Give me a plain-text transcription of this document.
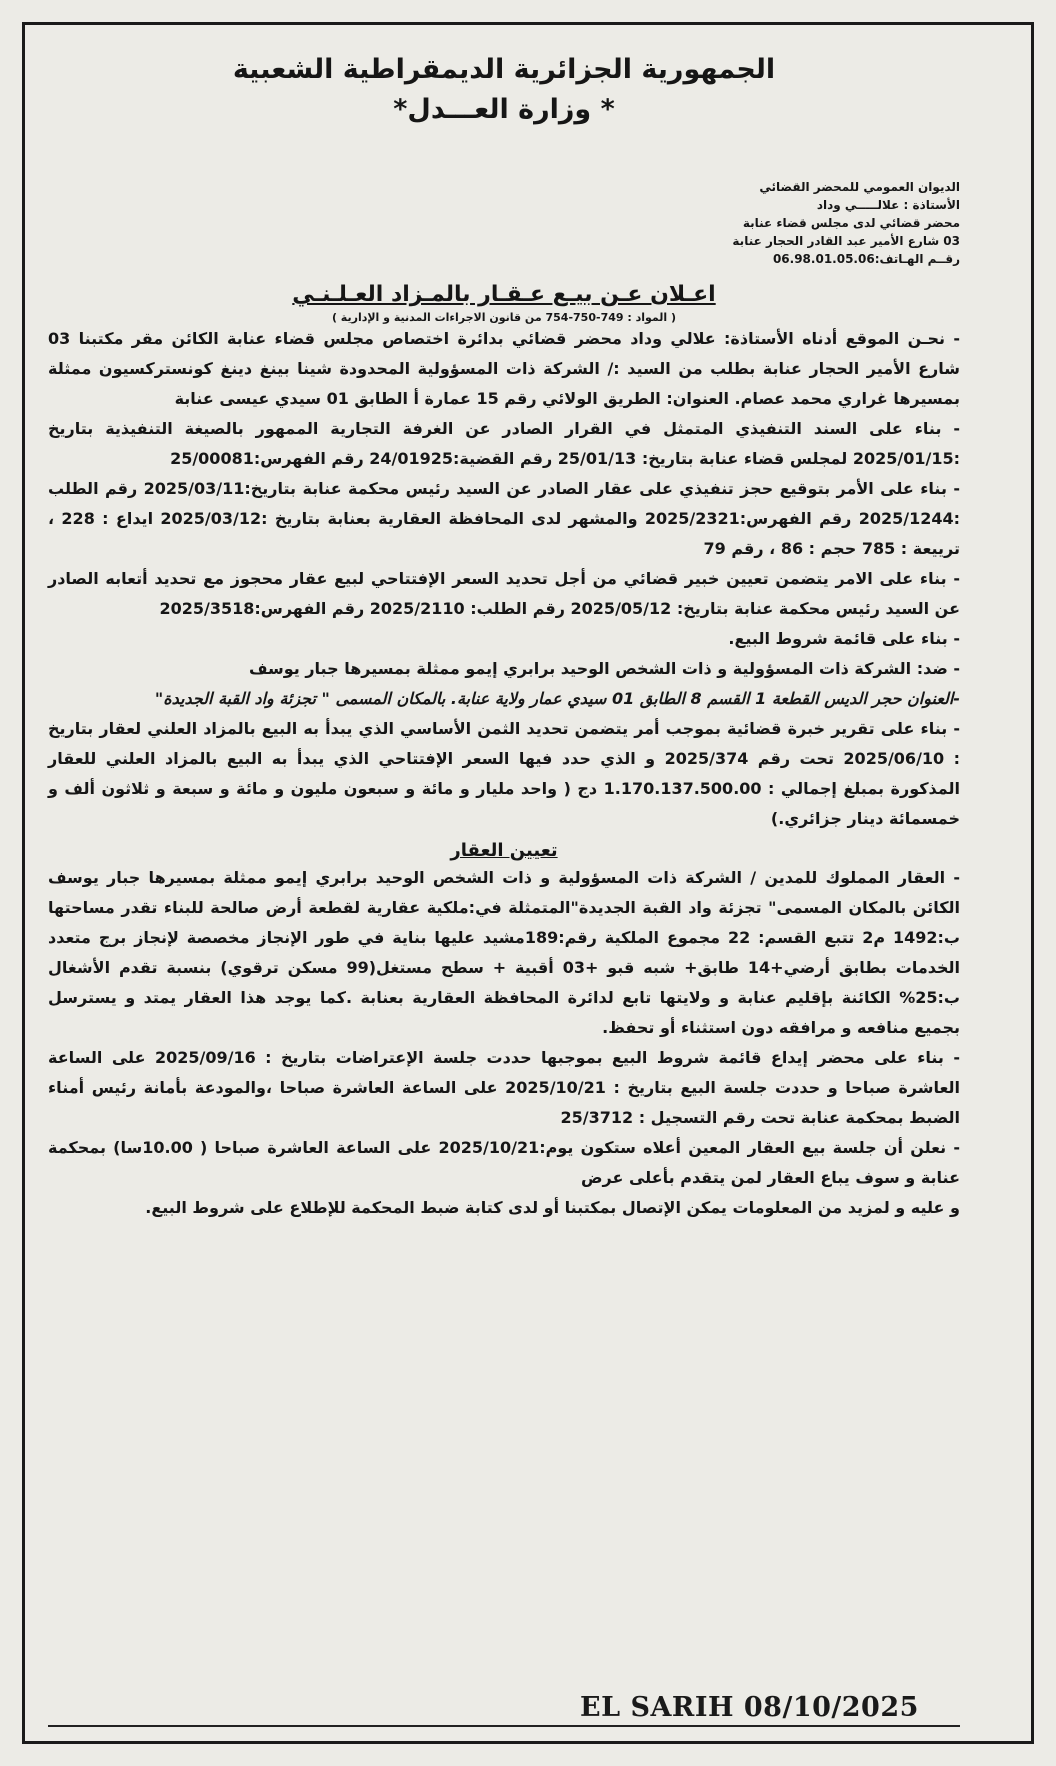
الجمهورية الجزائرية الديمقراطية الشعبية
* وزارة العـــدل*
الديوان العمومي للمحضر القضائي
الأستاذة : علالـــــي وداد
محضر قضائي لدى مجلس قضاء عنابة
03 شارع الأمير عبد القادر الحجار عنابة
رقــم الهـاتف:06.98.01.05.06
اعـلان عـن بيـع عـقـار بالمـزاد العـلـنـي
( المواد : 749-750-754 من قانون الاجراءات المدنية و الإدارية )

- نحـن الموقع أدناه الأستاذة: علالي وداد محضر قضائي بدائرة اختصاص مجلس قضاء عنابة الكائن مقر مكتبنا 03 شارع الأمير الحجار عنابة بطلب من السيد :/ الشركة ذات المسؤولية المحدودة شينا بينغ دينغ كونستركسيون ممثلة بمسيرها غراري محمد عصام. العنوان: الطريق الولائي رقم 15 عمارة أ الطابق 01 سيدي عيسى عنابة

- بناء على السند التنفيذي المتمثل في القرار الصادر عن الغرفة التجارية الممهور بالصيغة التنفيذية بتاريخ :2025/01/15 لمجلس قضاء عنابة بتاريخ: 25/01/13 رقم القضية:24/01925 رقم الفهرس:25/00081

- بناء على الأمر بتوقيع حجز تنفيذي على عقار الصادر عن السيد رئيس محكمة عنابة بتاريخ:2025/03/11 رقم الطلب :2025/1244 رقم الفهرس:2025/2321 والمشهر لدى المحافظة العقارية بعنابة بتاريخ :2025/03/12 ايداع : 228 ، ترييعة : 785 حجم : 86 ، رقم 79

- بناء على الامر يتضمن تعيين خبير قضائي من أجل تحديد السعر الإفتتاحي لبيع عقار محجوز مع تحديد أتعابه الصادر عن السيد رئيس محكمة عنابة بتاريخ: 2025/05/12 رقم الطلب: 2025/2110 رقم الفهرس:2025/3518

- بناء على قائمة شروط البيع.

- ضد: الشركة ذات المسؤولية و ذات الشخص الوحيد برابري إيمو ممثلة بمسيرها جبار يوسف

-العنوان حجر الديس القطعة 1 القسم 8 الطابق 01 سيدي عمار ولاية عنابة. بالمكان المسمى " تجزئة واد القبة الجديدة"

- بناء على تقرير خبرة قضائية بموجب أمر يتضمن تحديد الثمن الأساسي الذي يبدأ به البيع بالمزاد العلني لعقار بتاريخ : 2025/06/10 تحت رقم 2025/374 و الذي حدد فيها السعر الإفتتاحي الذي يبدأ به البيع بالمزاد العلني للعقار المذكورة بمبلغ إجمالي : 1.170.137.500.00 دج ( واحد مليار و مائة و سبعون مليون و مائة و سبعة و ثلاثون ألف و خمسمائة دينار جزائري.)

تعيين العقار

- العقار المملوك للمدين / الشركة ذات المسؤولية و ذات الشخص الوحيد برابري إيمو ممثلة بمسيرها جبار يوسف الكائن بالمكان المسمى" تجزئة واد القبة الجديدة"المتمثلة في:ملكية عقارية لقطعة أرض صالحة للبناء تقدر مساحتها ب:1492 م2 تتبع القسم: 22 مجموع الملكية رقم:189مشيد عليها بناية في طور الإنجاز مخصصة لإنجاز برج متعدد الخدمات بطابق أرضي+14 طابق+ شبه قبو +03 أقبية + سطح مستغل(99 مسكن ترقوي) بنسبة تقدم الأشغال ب:25% الكائنة بإقليم عنابة و ولايتها تابع لدائرة المحافظة العقارية بعنابة .كما يوجد هذا العقار يمتد و يسترسل بجميع منافعه و مرافقه دون استثناء أو تحفظ.

- بناء على محضر إيداع قائمة شروط البيع بموجبها حددت جلسة الإعتراضات بتاريخ : 2025/09/16 على الساعة العاشرة صباحا و حددت جلسة البيع بتاريخ : 2025/10/21 على الساعة العاشرة صباحا ،والمودعة بأمانة رئيس أمناء الضبط بمحكمة عنابة تحت رقم التسجيل : 25/3712

- نعلن أن جلسة بيع العقار المعين أعلاه ستكون يوم:2025/10/21 على الساعة العاشرة صباحا ( 10.00سا) بمحكمة عنابة و سوف يباع العقار لمن يتقدم بأعلى عرض

و عليه و لمزيد من المعلومات يمكن الإتصال بمكتبنا أو لدى كتابة ضبط المحكمة للإطلاع على شروط البيع.

EL SARIH 08/10/2025
